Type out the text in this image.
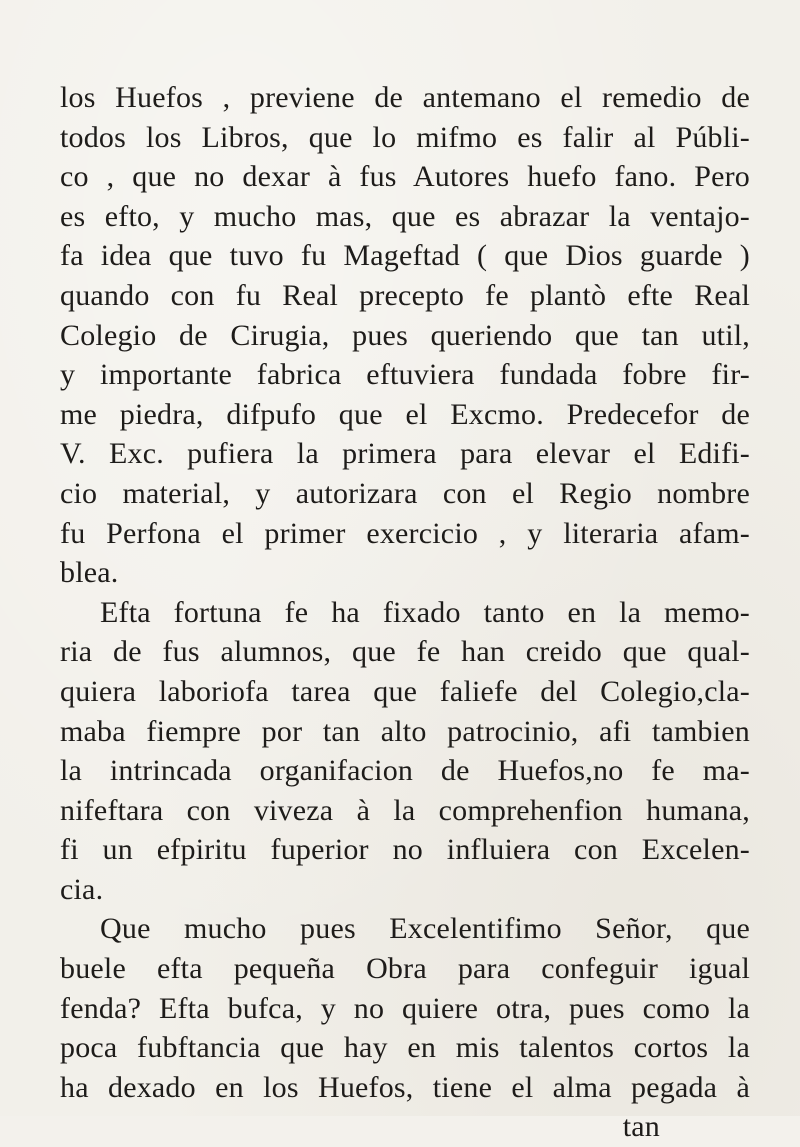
los Huefos , previene de antemano el remedio de
todos los Libros, que lo mifmo es falir al Públi-
co , que no dexar à fus Autores huefo fano. Pero
es efto, y mucho mas, que es abrazar la ventajo-
fa idea que tuvo fu Mageftad ( que Dios guarde )
quando con fu Real precepto fe plantò efte Real
Colegio de Cirugia, pues queriendo que tan util,
y importante fabrica eftuviera fundada fobre fir-
me piedra, difpufo que el Excmo. Predecefor de
V. Exc. pufiera la primera para elevar el Edifi-
cio material, y autorizara con el Regio nombre
fu Perfona el primer exercicio , y literaria afam-
blea.
Efta fortuna fe ha fixado tanto en la memo-
ria de fus alumnos, que fe han creido que qual-
quiera laboriofa tarea que faliefe del Colegio,cla-
maba fiempre por tan alto patrocinio, afi tambien
la intrincada organifacion de Huefos,no fe ma-
nifeftara con viveza à la comprehenfion humana,
fi un efpiritu fuperior no influiera con Excelen-
cia.
Que mucho pues Excelentifimo Señor, que
buele efta pequeña Obra para confeguir igual
fenda? Efta bufca, y no quiere otra, pues como la
poca fubftancia que hay en mis talentos cortos la
ha dexado en los Huefos, tiene el alma pegada à
tan
